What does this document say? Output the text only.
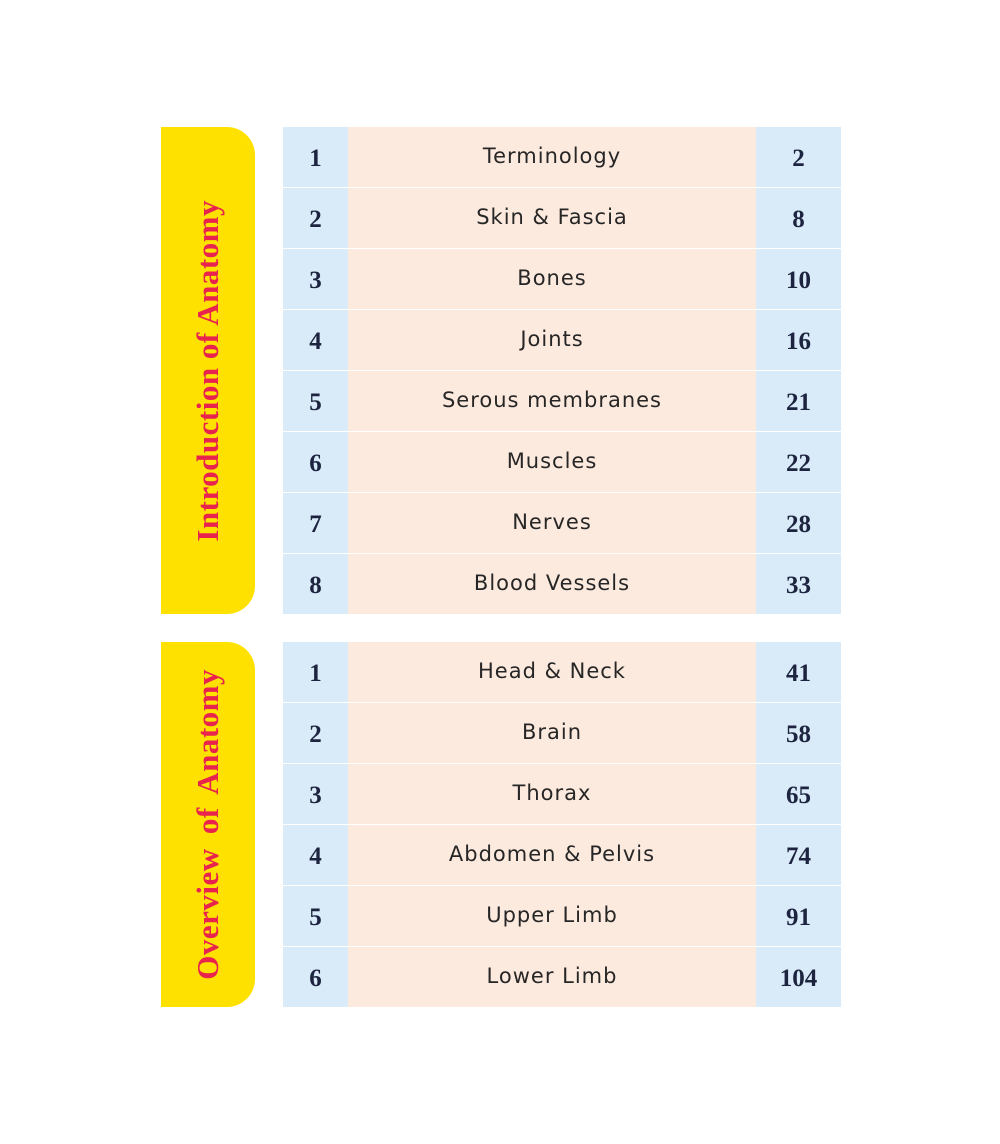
Introduction of Anatomy
1	Terminology	2
2	Skin & Fascia	8
3	Bones	10
4	Joints	16
5	Serous membranes	21
6	Muscles	22
7	Nerves	28
8	Blood Vessels	33
Overview of Anatomy	1	Head & Neck	41
2	Brain	58
3	Thorax	65
4	Abdomen & Pelvis	74
5	Upper Limb	91
6	Lower Limb	104
